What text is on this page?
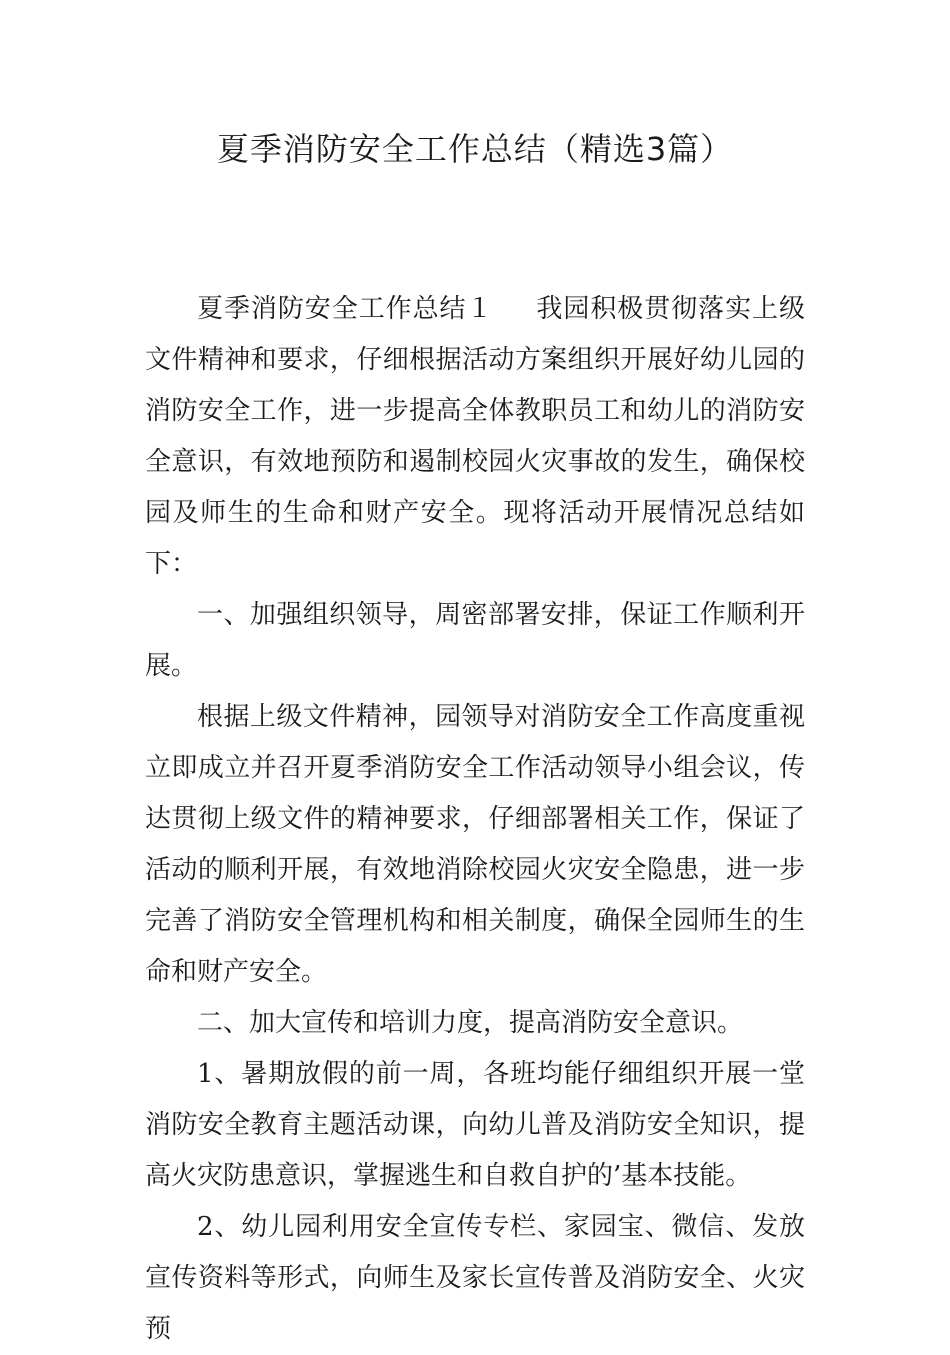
夏季消防安全工作总结（精选3篇）

夏季消防安全工作总结１ 我园积极贯彻落实上级文件精神和要求，仔细根据活动方案组织开展好幼儿园的消防安全工作，进一步提高全体教职员工和幼儿的消防安全意识，有效地预防和遏制校园火灾事故的发生，确保校园及师生的生命和财产安全。现将活动开展情况总结如下：

一、加强组织领导，周密部署安排，保证工作顺利开展。

根据上级文件精神，园领导对消防安全工作高度重视立即成立并召开夏季消防安全工作活动领导小组会议，传达贯彻上级文件的精神要求，仔细部署相关工作，保证了活动的顺利开展，有效地消除校园火灾安全隐患，进一步完善了消防安全管理机构和相关制度，确保全园师生的生命和财产安全。

二、加大宣传和培训力度，提高消防安全意识。

1、暑期放假的前一周，各班均能仔细组织开展一堂消防安全教育主题活动课，向幼儿普及消防安全知识，提高火灾防患意识，掌握逃生和自救自护的’基本技能。

2、幼儿园利用安全宣传专栏、家园宝、微信、发放宣传资料等形式，向师生及家长宣传普及消防安全、火灾预
